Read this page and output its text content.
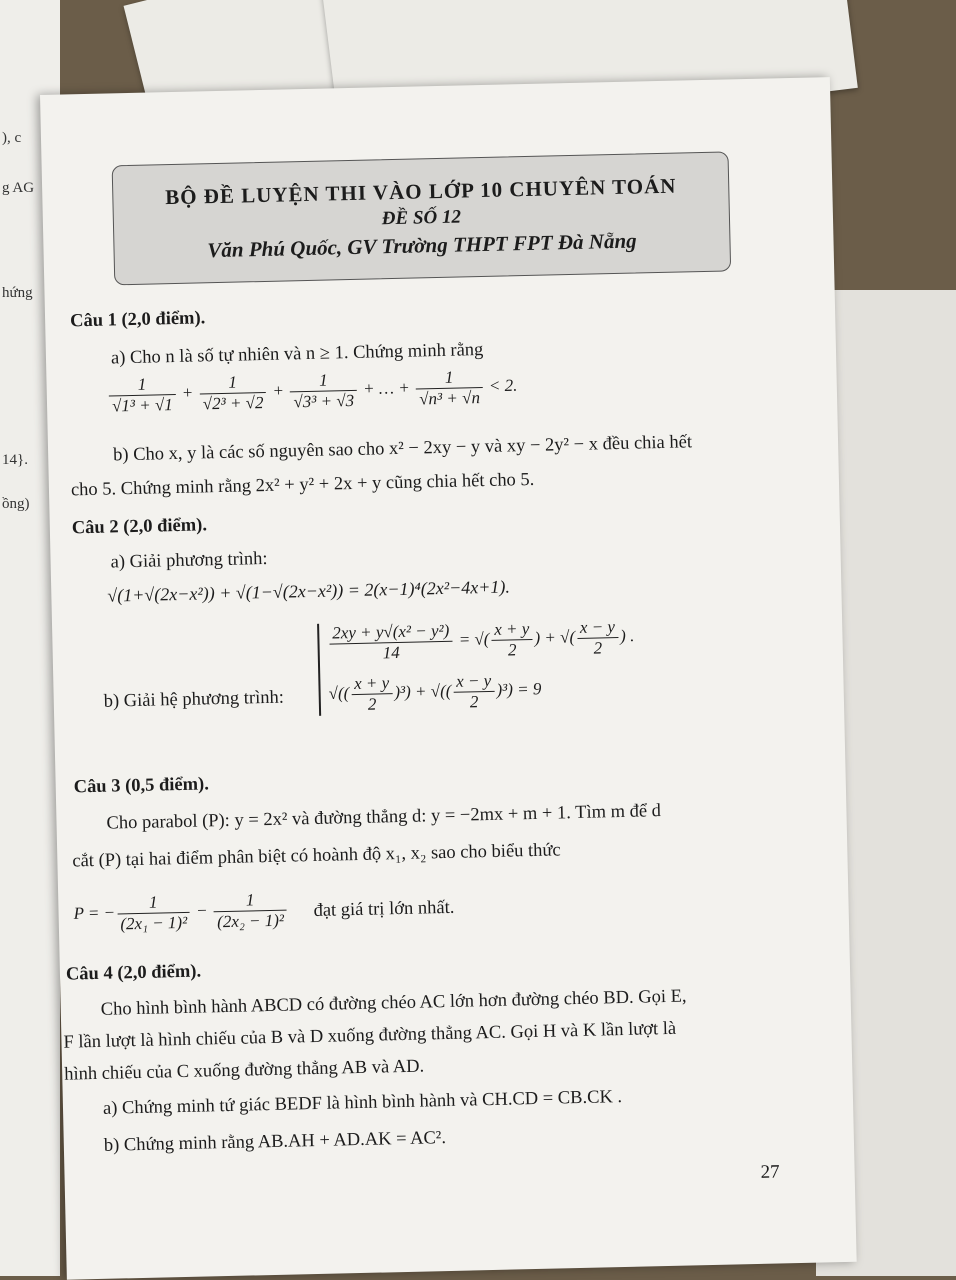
), c
g AG
hứng
14}.
ồng)
BỘ ĐỀ LUYỆN THI VÀO LỚP 10 CHUYÊN TOÁN
ĐỀ SỐ 12
Văn Phú Quốc, GV Trường THPT FPT Đà Nẵng
Câu 1 (2,0 điểm).
a) Cho n là số tự nhiên và n ≥ 1. Chứng minh rằng
$\frac{1}{\text{√1³ + √1}} + \frac{1}{\text{√2³ + √2}} + \frac{1}{\text{√3³ + √3}}$ + … + $\frac{1}{\text{√n³ + √n}} < 2$.
b) Cho x, y là các số nguyên sao cho x² − 2xy − y và xy − 2y² − x đều chia hết
cho 5. Chứng minh rằng 2x² + y² + 2x + y cũng chia hết cho 5.
Câu 2 (2,0 điểm).
a) Giải phương trình:
√(1+√(2x−x²)) + √(1−√(2x−x²)) = 2(x−1)⁴(2x²−4x+1).
b) Giải hệ phương trình:
$\frac{\text{2xy + y√(x² − y²)}}{14}$ = √( $\frac{x + y}{2}$ ) + √( $\frac{x - y}{2}$ ) .
√(( $\frac{x + y}{2} )^3$) + √(( $\frac{x - y}{2} )^3) = 9$
Câu 3 (0,5 điểm).
Cho parabol (P): y = 2x² và đường thẳng d: y = −2mx + m + 1. Tìm m để d
cắt (P) tại hai điểm phân biệt có hoành độ x₁, x₂ sao cho biểu thức
P = − $\frac{1}{\text{(2x₁ − 1)²}} - \frac{1}{\text{(2x₂ − 1)²}}$ đạt giá trị lớn nhất.
Câu 4 (2,0 điểm).
Cho hình bình hành ABCD có đường chéo AC lớn hơn đường chéo BD. Gọi E,
F lần lượt là hình chiếu của B và D xuống đường thẳng AC. Gọi H và K lần lượt là
hình chiếu của C xuống đường thẳng AB và AD.
a) Chứng minh tứ giác BEDF là hình bình hành và CH.CD = CB.CK .
b) Chứng minh rằng AB.AH + AD.AK = AC².
27
